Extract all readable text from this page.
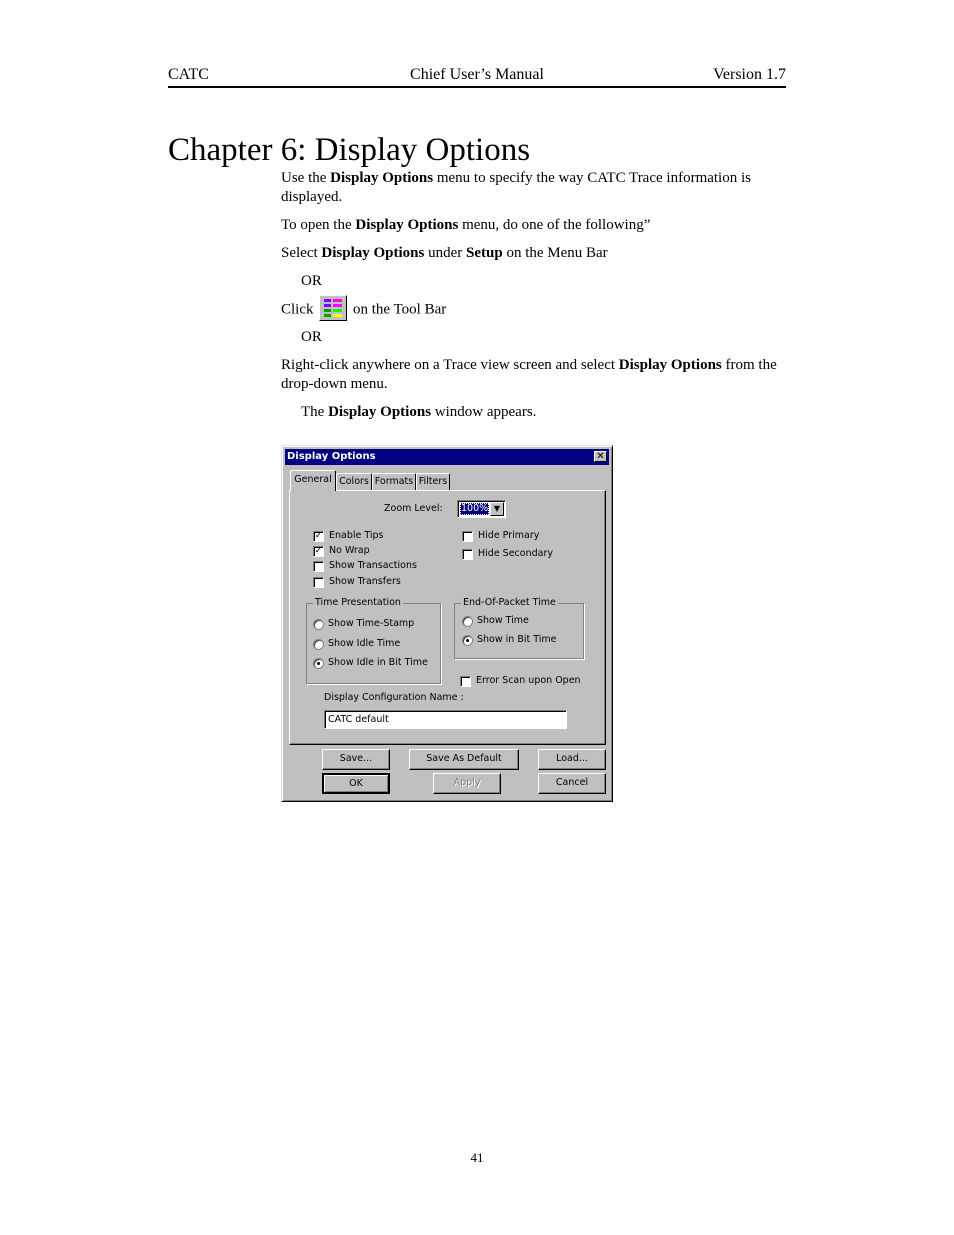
CATC	Chief User’s Manual	Version 1.7
Chapter 6: Display Options
Use the Display Options menu to specify the way CATC Trace information is displayed.
To open the Display Options menu, do one of the following”
Select Display Options under Setup on the Menu Bar
OR
Click	on the Tool Bar
OR
Right-click anywhere on a Trace view screen and select Display Options from the drop-down menu.
The Display Options window appears.
Display Options	✕
General Colors Formats Filters
Zoom Level: 100% ▼
✓ Enable Tips
✓ No Wrap
Show Transactions
Show Transfers
Hide Primary
Hide Secondary
Time Presentation
Show Time-Stamp
Show Idle Time
Show Idle in Bit Time
End-Of-Packet Time
Show Time
Show in Bit Time
Error Scan upon Open
Display Configuration Name :
CATC default
Save...	Save As Default	Load...
OK	Apply	Cancel
41
